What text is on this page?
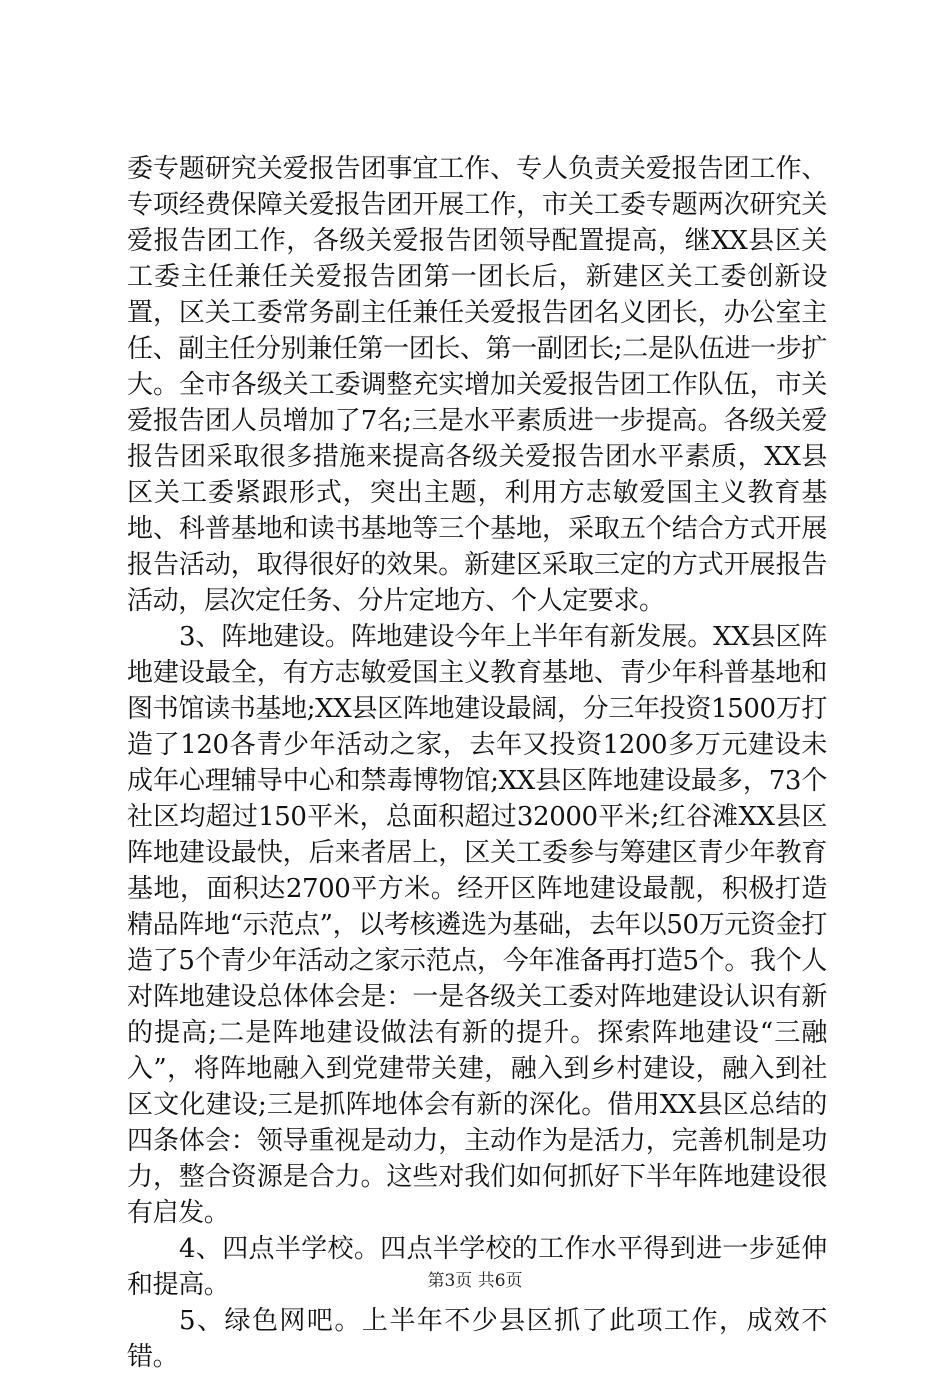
委专题研究关爱报告团事宜工作、专人负责关爱报告团工作、专项经费保障关爱报告团开展工作，市关工委专题两次研究关爱报告团工作，各级关爱报告团领导配置提高，继XX县区关工委主任兼任关爱报告团第一团长后，新建区关工委创新设置，区关工委常务副主任兼任关爱报告团名义团长，办公室主任、副主任分别兼任第一团长、第一副团长;二是队伍进一步扩大。全市各级关工委调整充实增加关爱报告团工作队伍，市关爱报告团人员增加了7名;三是水平素质进一步提高。各级关爱报告团采取很多措施来提高各级关爱报告团水平素质，XX县区关工委紧跟形式，突出主题，利用方志敏爱国主义教育基地、科普基地和读书基地等三个基地，采取五个结合方式开展报告活动，取得很好的效果。新建区采取三定的方式开展报告活动，层次定任务、分片定地方、个人定要求。

3、阵地建设。阵地建设今年上半年有新发展。XX县区阵地建设最全，有方志敏爱国主义教育基地、青少年科普基地和图书馆读书基地;XX县区阵地建设最阔，分三年投资1500万打造了120各青少年活动之家，去年又投资1200多万元建设未成年心理辅导中心和禁毒博物馆;XX县区阵地建设最多，73个社区均超过150平米，总面积超过32000平米;红谷滩XX县区阵地建设最快，后来者居上，区关工委参与筹建区青少年教育基地，面积达2700平方米。经开区阵地建设最靓，积极打造精品阵地“示范点”，以考核遴选为基础，去年以50万元资金打造了5个青少年活动之家示范点，今年准备再打造5个。我个人对阵地建设总体体会是：一是各级关工委对阵地建设认识有新的提高;二是阵地建设做法有新的提升。探索阵地建设“三融入”，将阵地融入到党建带关建，融入到乡村建设，融入到社区文化建设;三是抓阵地体会有新的深化。借用XX县区总结的四条体会：领导重视是动力，主动作为是活力，完善机制是功力，整合资源是合力。这些对我们如何抓好下半年阵地建设很有启发。

4、四点半学校。四点半学校的工作水平得到进一步延伸和提高。

5、绿色网吧。上半年不少县区抓了此项工作，成效不错。

第3页 共6页
